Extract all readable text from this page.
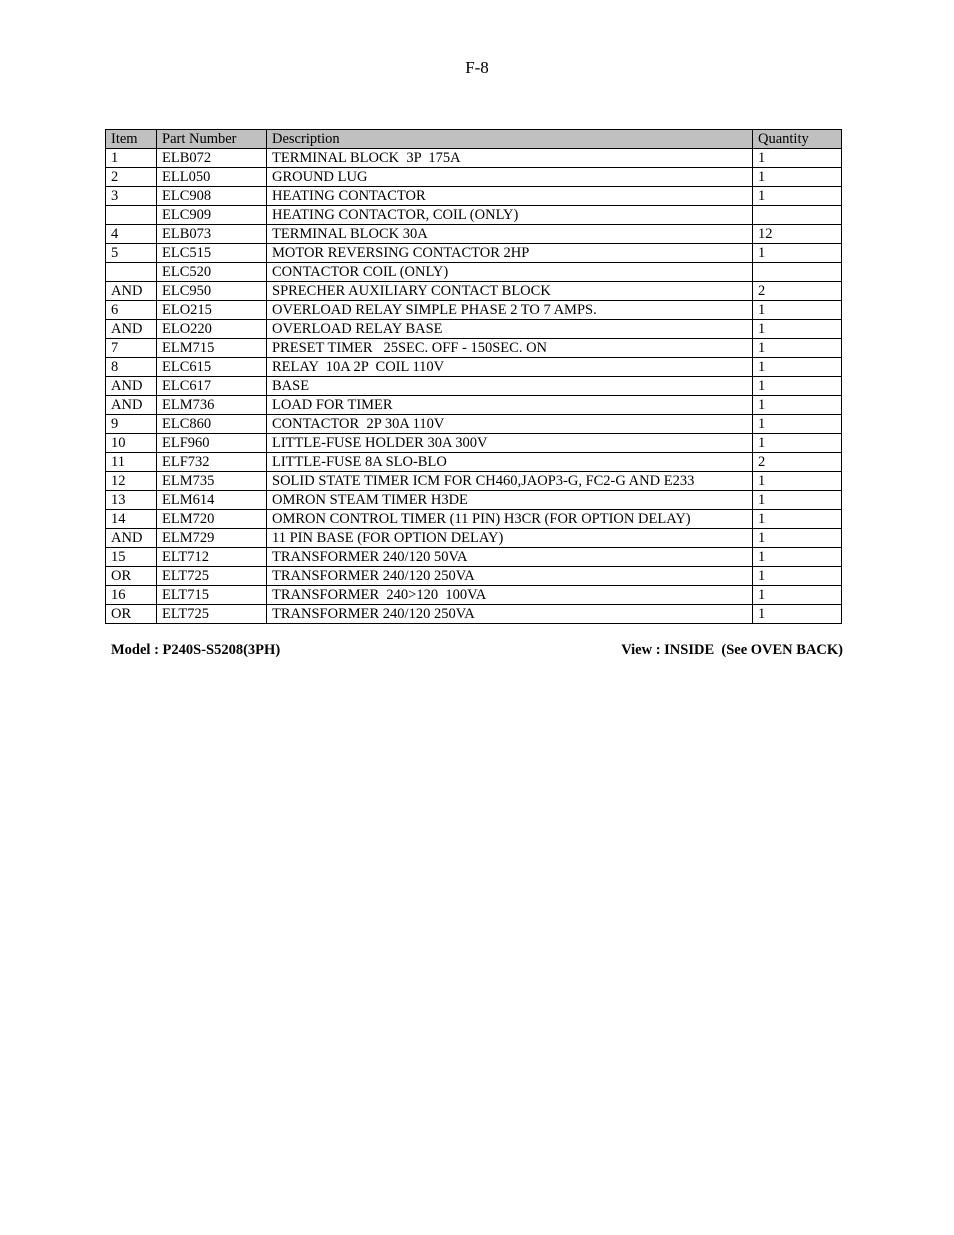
F-8
Item	Part Number	Description	Quantity
1	ELB072	TERMINAL BLOCK  3P  175A	1
2	ELL050	GROUND LUG	1
3	ELC908	HEATING CONTACTOR	1
	ELC909	HEATING CONTACTOR, COIL (ONLY)	
4	ELB073	TERMINAL BLOCK 30A	12
5	ELC515	MOTOR REVERSING CONTACTOR 2HP	1
	ELC520	CONTACTOR COIL (ONLY)	
AND	ELC950	SPRECHER AUXILIARY CONTACT BLOCK	2
6	ELO215	OVERLOAD RELAY SIMPLE PHASE 2 TO 7 AMPS.	1
AND	ELO220	OVERLOAD RELAY BASE	1
7	ELM715	PRESET TIMER   25SEC. OFF - 150SEC. ON	1
8	ELC615	RELAY  10A 2P  COIL 110V	1
AND	ELC617	BASE	1
AND	ELM736	LOAD FOR TIMER	1
9	ELC860	CONTACTOR  2P 30A 110V	1
10	ELF960	LITTLE-FUSE HOLDER 30A 300V	1
11	ELF732	LITTLE-FUSE 8A SLO-BLO	2
12	ELM735	SOLID STATE TIMER ICM FOR CH460,JAOP3-G, FC2-G AND E233	1
13	ELM614	OMRON STEAM TIMER H3DE	1
14	ELM720	OMRON CONTROL TIMER (11 PIN) H3CR (FOR OPTION DELAY)	1
AND	ELM729	11 PIN BASE (FOR OPTION DELAY)	1
15	ELT712	TRANSFORMER 240/120 50VA	1
OR	ELT725	TRANSFORMER 240/120 250VA	1
16	ELT715	TRANSFORMER  240>120  100VA	1
OR	ELT725	TRANSFORMER 240/120 250VA	1
Model : P240S-S5208(3PH)	View : INSIDE  (See OVEN BACK)
